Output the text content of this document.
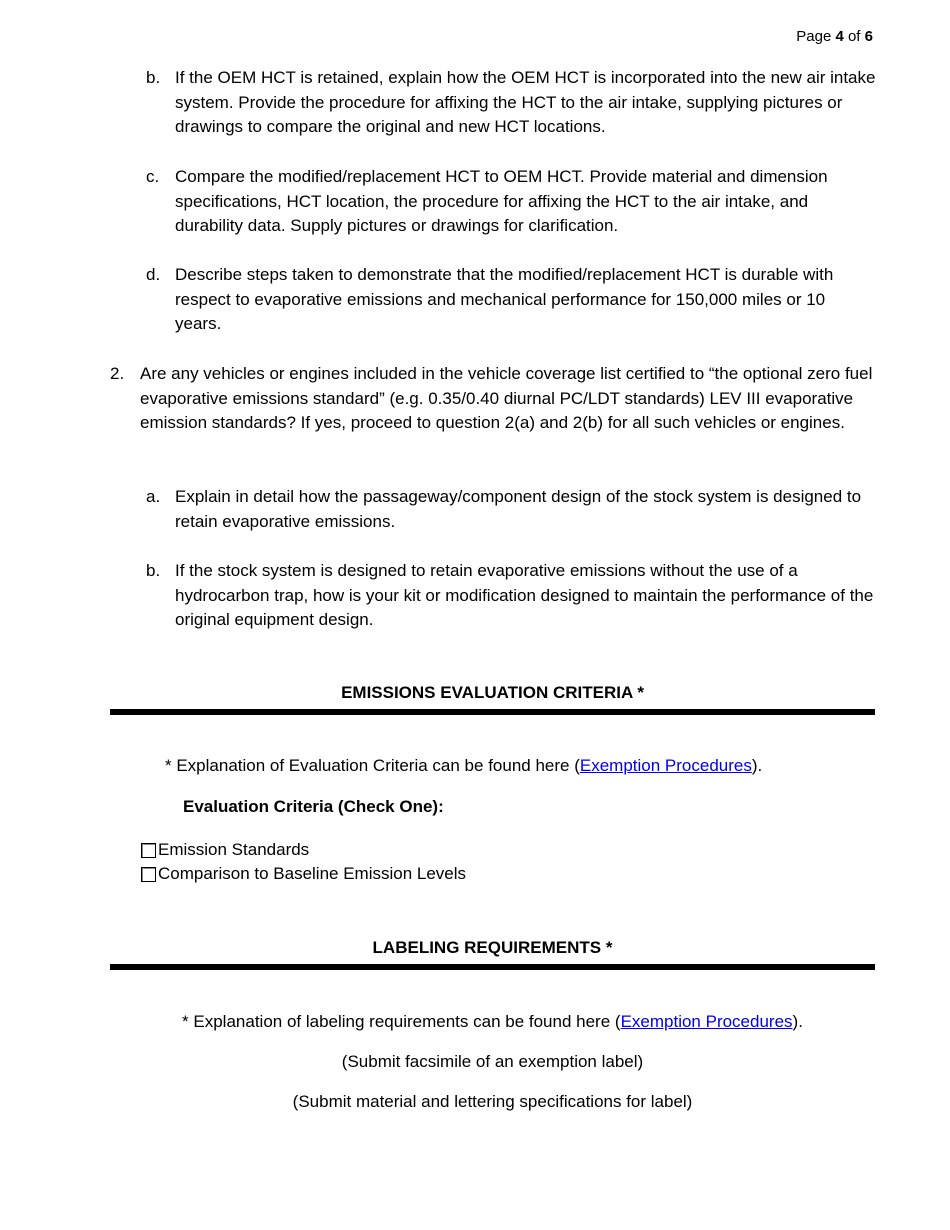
Page 4 of 6
b. If the OEM HCT is retained, explain how the OEM HCT is incorporated into the new air intake system. Provide the procedure for affixing the HCT to the air intake, supplying pictures or drawings to compare the original and new HCT locations.
c. Compare the modified/replacement HCT to OEM HCT. Provide material and dimension specifications, HCT location, the procedure for affixing the HCT to the air intake, and durability data. Supply pictures or drawings for clarification.
d. Describe steps taken to demonstrate that the modified/replacement HCT is durable with respect to evaporative emissions and mechanical performance for 150,000 miles or 10 years.
2. Are any vehicles or engines included in the vehicle coverage list certified to “the optional zero fuel evaporative emissions standard” (e.g. 0.35/0.40 diurnal PC/LDT standards) LEV III evaporative emission standards? If yes, proceed to question 2(a) and 2(b) for all such vehicles or engines.
a. Explain in detail how the passageway/component design of the stock system is designed to retain evaporative emissions.
b. If the stock system is designed to retain evaporative emissions without the use of a hydrocarbon trap, how is your kit or modification designed to maintain the performance of the original equipment design.
EMISSIONS EVALUATION CRITERIA *
* Explanation of Evaluation Criteria can be found here (Exemption Procedures).
Evaluation Criteria (Check One):
Emission Standards
Comparison to Baseline Emission Levels
LABELING REQUIREMENTS *
* Explanation of labeling requirements can be found here (Exemption Procedures).
(Submit facsimile of an exemption label)
(Submit material and lettering specifications for label)
